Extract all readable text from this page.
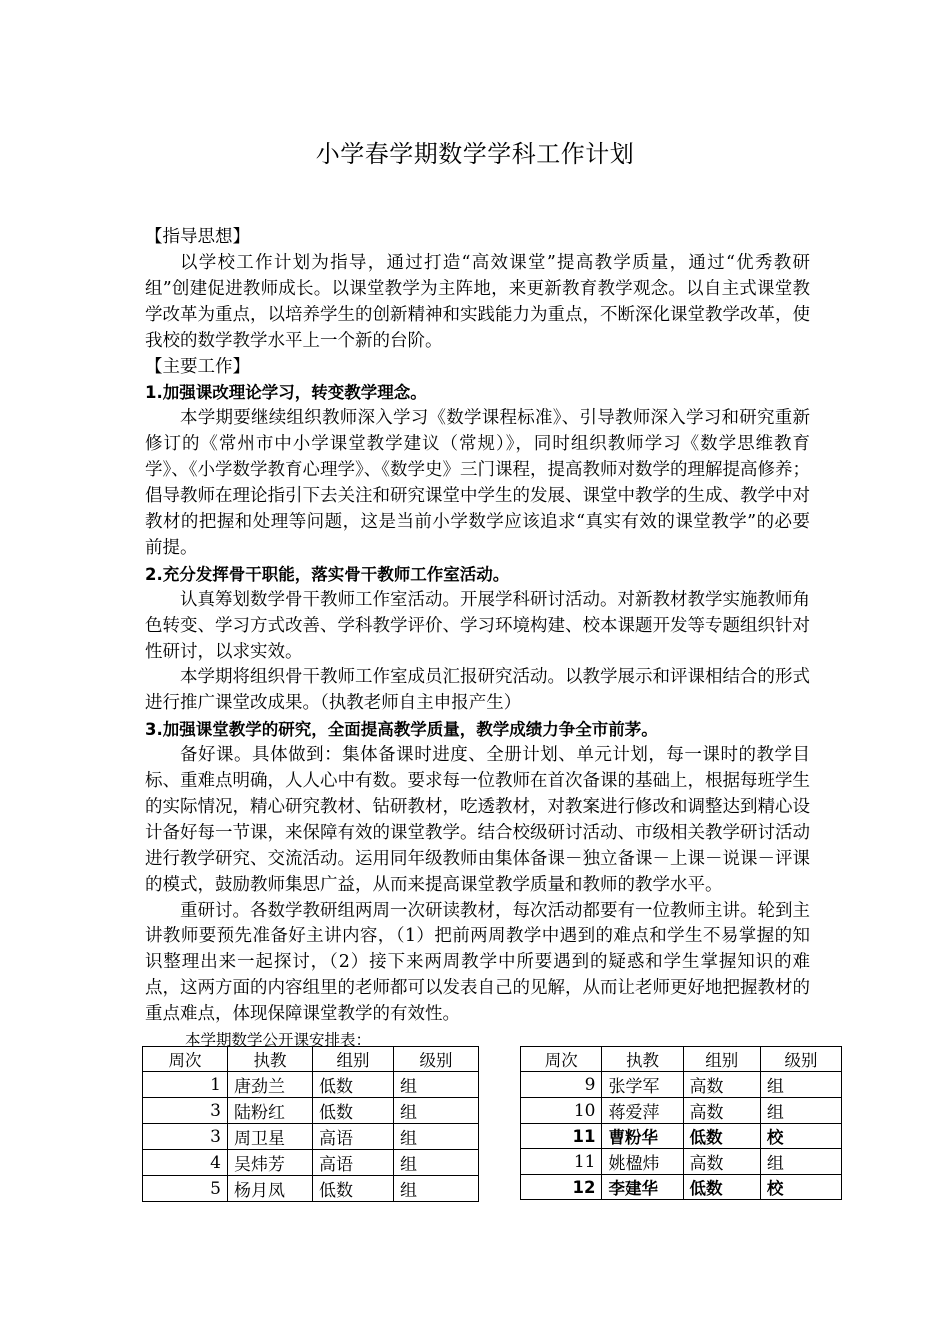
小学春学期数学学科工作计划

【指导思想】

以学校工作计划为指导，通过打造“高效课堂”提高教学质量，通过“优秀教研组”创建促进教师成长。以课堂教学为主阵地，来更新教育教学观念。以自主式课堂教学改革为重点，以培养学生的创新精神和实践能力为重点，不断深化课堂教学改革，使我校的数学教学水平上一个新的台阶。

【主要工作】

1.加强课改理论学习，转变教学理念。

本学期要继续组织教师深入学习《数学课程标准》、引导教师深入学习和研究重新修订的《常州市中小学课堂教学建议（常规）》，同时组织教师学习《数学思维教育学》、《小学数学教育心理学》、《数学史》三门课程，提高教师对数学的理解提高修养；倡导教师在理论指引下去关注和研究课堂中学生的发展、课堂中教学的生成、教学中对教材的把握和处理等问题，这是当前小学数学应该追求“真实有效的课堂教学”的必要前提。

2.充分发挥骨干职能，落实骨干教师工作室活动。

认真筹划数学骨干教师工作室活动。开展学科研讨活动。对新教材教学实施教师角色转变、学习方式改善、学科教学评价、学习环境构建、校本课题开发等专题组织针对性研讨，以求实效。

本学期将组织骨干教师工作室成员汇报研究活动。以教学展示和评课相结合的形式进行推广课堂改成果。（执教老师自主申报产生）

3.加强课堂教学的研究，全面提高教学质量，教学成绩力争全市前茅。

备好课。具体做到：集体备课时进度、全册计划、单元计划，每一课时的教学目标、重难点明确，人人心中有数。要求每一位教师在首次备课的基础上，根据每班学生的实际情况，精心研究教材、钻研教材，吃透教材，对教案进行修改和调整达到精心设计备好每一节课，来保障有效的课堂教学。结合校级研讨活动、市级相关教学研讨活动进行教学研究、交流活动。运用同年级教师由集体备课－独立备课－上课－说课－评课的模式，鼓励教师集思广益，从而来提高课堂教学质量和教师的教学水平。

重研讨。各数学教研组两周一次研读教材，每次活动都要有一位教师主讲。轮到主讲教师要预先准备好主讲内容，（1）把前两周教学中遇到的难点和学生不易掌握的知识整理出来一起探讨，（2）接下来两周教学中所要遇到的疑惑和学生掌握知识的难点，这两方面的内容组里的老师都可以发表自己的见解，从而让老师更好地把握教材的重点难点，体现保障课堂教学的有效性。

本学期数学公开课安排表：

周次	执教	组别	级别
1	唐劲兰	低数	组
3	陆粉红	低数	组
3	周卫星	高语	组
4	吴炜芳	高语	组
5	杨月凤	低数	组
周次	执教	组别	级别
9	张学军	高数	组
10	蒋爱萍	高数	组
11	曹粉华	低数	校
11	姚楹炜	高数	组
12	李建华	低数	校
